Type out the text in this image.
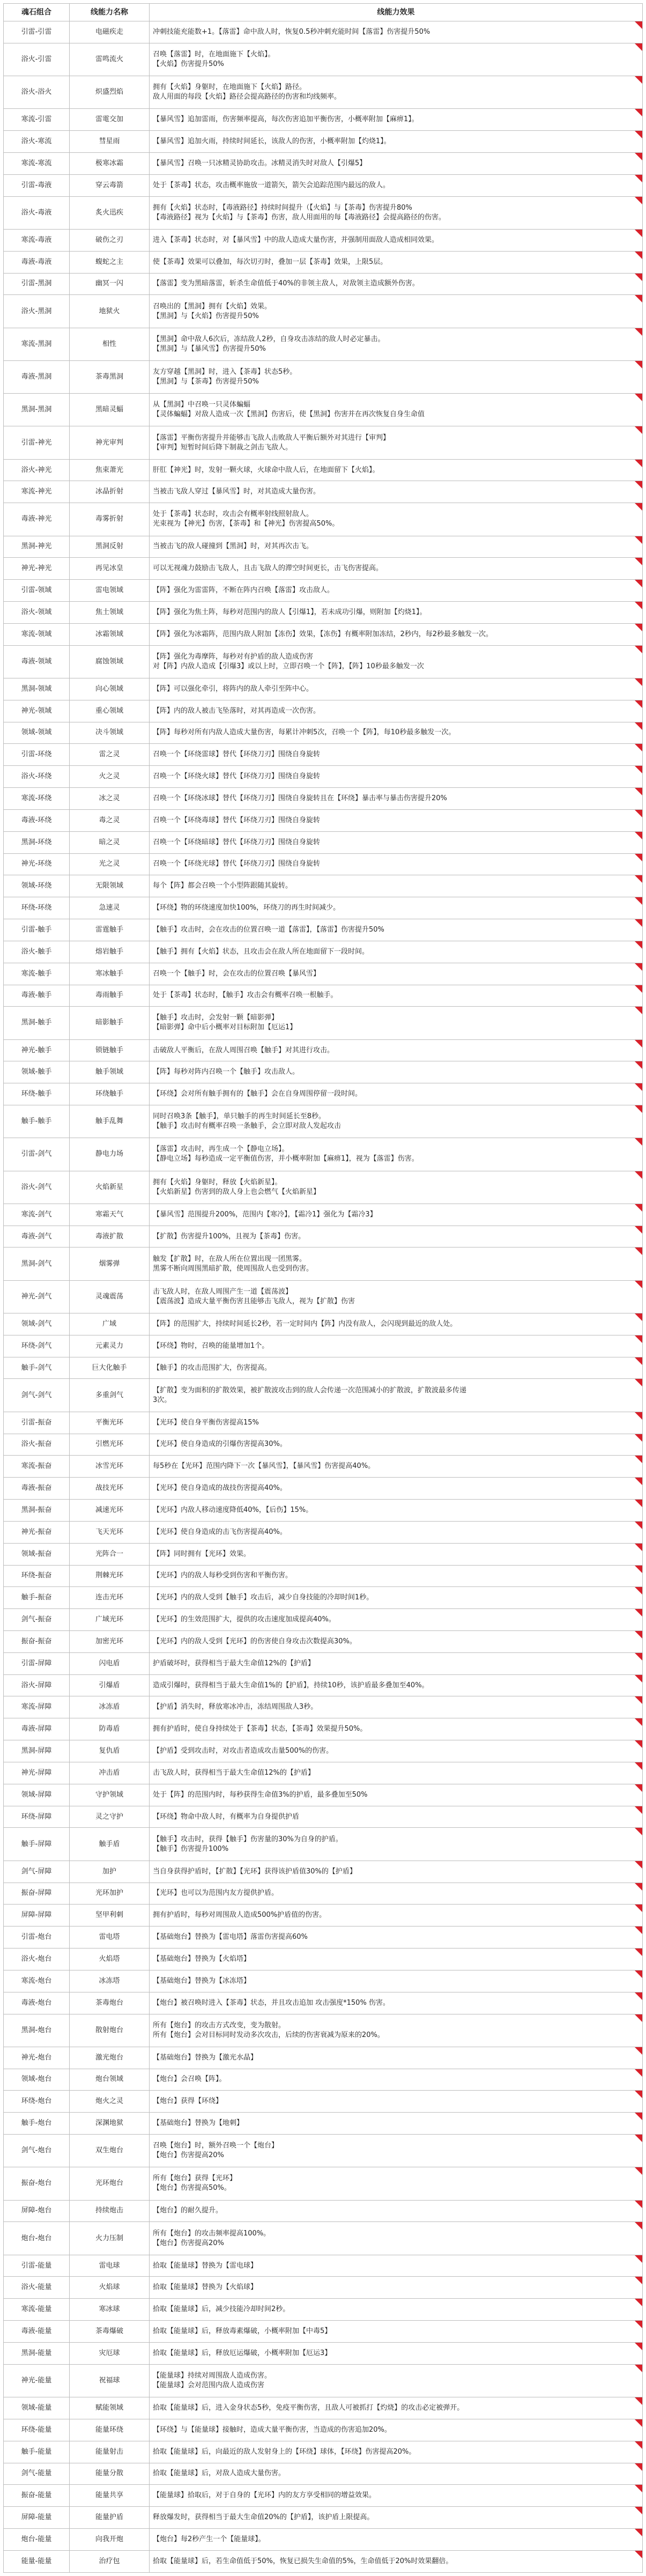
魂石组合	线能力名称	线能力效果
引雷-引雷	电磁疾走	冲刺技能充能数+1。【落雷】命中敌人时，恢复0.5秒冲刺充能时间【落雷】伤害提升50%

浴火-引雷	雷鸣流火	召唤【落雷】时，在地面施下【火焰】。
【火焰】伤害提升50%

浴火-浴火	炽盛烈焰	拥有【火焰】身躯时，在地面施下【火焰】路径。
敌人用面的每段【火焰】路径会提高路径的伤害和均线频率。

寒流-引雷	雷電交加	【暴风雪】追加雷雨，伤害频率提高，每次伤害追加平衡伤害，小概率附加【麻痹1】。

浴火-寒流	彗星雨	【暴风雪】追加火雨，持续时间延长，该敌人的伤害，小概率附加【灼烧1】。

寒流-寒流	极寒冰霜	【暴风雪】召唤一只冰精灵协助攻击。冰精灵消失时对敌人【引爆5】

引雷-毒液	穿云毒箭	处于【茶毒】状态，攻击概率施放一道箭矢，箭矢会追踪范围内最远的敌人。

浴火-毒液	炙火迅疾	拥有【火焰】状态时，【毒液路径】持续时间提升（【火焰】与【茶毒】伤害提升80%
【毒液路径】视为【火焰】与【茶毒】伤害，敌人用面用的每【毒液路径】会提高路径的伤害。

寒流-毒液	破伤之刃	进入【茶毒】状态时，对【暴风雪】中的敌人造成大量伤害，并强制用面敌人造成相同效果。

毒液-毒液	蝮蛇之主	使【茶毒】效果可以叠加，每次切刃时，叠加一层【茶毒】效果，上限5层。

引雷-黑洞	幽冥一闪	【落雷】变为黑暗落雷，斩杀生命值低于40%的非领主敌人，对敌领主造成额外伤害。

浴火-黑洞	地狱火	召唤出的【黑洞】拥有【火焰】效果。
【黑洞】与【火焰】伤害提升50%

寒流-黑洞	相性	【黑洞】命中敌人6次后，冻结敌人2秒，自身攻击冻结的敌人时必定暴击。
【黑洞】与【暴风雪】伤害提升50%

毒液-黑洞	茶毒黑洞	友方穿越【黑洞】时，进入【茶毒】状态5秒。
【黑洞】与【茶毒】伤害提升50%

黑洞-黑洞	黑暗灵蝠	从【黑洞】中召唤一只灵体蝙蝠
【灵体蝙蝠】对敌人造成一次【黑洞】伤害后，使【黑洞】伤害并在再次恢复自身生命值

引雷-神光	神光审判	【落雷】平衡伤害提升并能够击飞敌人击败敌人平衡后额外对其进行【审判】
【审判】短暂时间后降下制裁之剑击飞敌人。

浴火-神光	焦束萧光	肝肛【神光】时，发射一颗火球，火球命中敌人后，在地面留下【火焰】。

寒流-神光	冰晶折射	当被击飞敌人穿过【暴风雪】时，对其造成大量伤害。

毒液-神光	毒雾折射	处于【茶毒】状态时，攻击会有概率射线照射敌人。
光束视为【神光】伤害，【茶毒】和【神光】伤害提高50%。

黑洞-神光	黑洞反射	当被击飞的敌人碰撞到【黑洞】时，对其再次击飞。

神光-神光	再见冰皇	可以无视魂力鼓励击飞敌人，且击飞敌人的滞空时间更长，击飞伤害提高。

引雷-领域	雷电领域	【阵】强化为雷雷阵，不断在阵内召唤【落雷】攻击敌人。

浴火-领域	焦土领域	【阵】强化为焦土阵，每秒对范围内的敌人【引爆1】，若未成功引爆，则附加【灼烧1】。

寒流-领域	冰霜领域	【阵】强化为冰霜阵，范围内敌人附加【冻伤】效果，【冻伤】有概率附加冻结，2秒内，每2秒最多触发一次。

毒液-领域	腐蚀领域	【阵】强化为毒摩阵，每秒对有护盾的敌人造成伤害
对【阵】内敌人造成【引爆3】或以上时，立即召唤一个【阵】，【阵】10秒最多触发一次

黑洞-领域	向心领域	【阵】可以强化牵引，将阵内的敌人牵引至阵中心。

神光-领域	重心领域	【阵】内的敌人被击飞坠落时，对其再造成一次伤害。

领域-领域	决斗领域	【阵】每秒对所有内敌人造成大量伤害，每累计冲刺5次，召唤一个【阵】，每10秒最多触发一次。

引雷-环绕	雷之灵	召唤一个【环绕雷球】替代【环绕刀刃】围绕自身旋转

浴火-环绕	火之灵	召唤一个【环绕火球】替代【环绕刀刃】围绕自身旋转

寒流-环绕	冰之灵	召唤一个【环绕冰球】替代【环绕刀刃】围绕自身旋转且在【环绕】暴击率与暴击伤害提升20%

毒液-环绕	毒之灵	召唤一个【环绕毒球】替代【环绕刀刃】围绕自身旋转

黑洞-环绕	暗之灵	召唤一个【环绕暗球】替代【环绕刀刃】围绕自身旋转

神光-环绕	光之灵	召唤一个【环绕光球】替代【环绕刀刃】围绕自身旋转

领域-环绕	无限领域	每个【阵】都会召唤一个小型阵跟随其旋转。

环绕-环绕	急速灵	【环绕】物的环绕速度加快100%，环绕刀的再生时间减少。

引雷-触手	雷霆触手	【触手】攻击时，会在攻击的位置召唤一道【落雷】，【落雷】伤害提升50%

浴火-触手	熔岩触手	【触手】拥有【火焰】状态，且攻击会在敌人所在地面留下一段时间。

寒流-触手	寒冰触手	召唤一个【触手】时，会在攻击的位置召唤【暴风雪】

毒液-触手	毒雨触手	处于【茶毒】状态时，【触手】攻击会有概率召唤一根触手。

黑洞-触手	暗影触手	【触手】攻击时，会发射一颗【暗影弹】
【暗影弹】命中后小概率对目标附加【厄运1】

神光-触手	锁链触手	击破敌人平衡后，在敌人周围召唤【触手】对其进行攻击。

领域-触手	触手领域	【阵】每秒对阵内召唤一个【触手】攻击敌人。

环绕-触手	环绕触手	【环绕】会对所有触手拥有的【触手】会在自身周围停留一段时间。

触手-触手	触手乱舞	同时召唤3条【触手】，单只触手的再生时间延长至8秒。
【触手】攻击时有概率召唤一条触手，会立即对敌人发起攻击

引雷-剑气	静电力场	【落雷】攻击时，再生成一个【静电立场】。
【静电立场】每秒造成一定平衡值伤害，并小概率附加【麻痹1】，视为【落雷】伤害。

浴火-剑气	火焰新星	拥有【火焰】身躯时，释放【火焰新星】。
【火焰新星】伤害到的敌人身上也会燃气【火焰新星】

寒流-剑气	寒霜天气	【暴风雪】范围提升200%，范围内【寒冷】，【霜冷1】强化为【霜冷3】

毒液-剑气	毒液扩散	【扩散】伤害提升100%，且视为【茶毒】伤害。

黑洞-剑气	烟雾弹	触发【扩散】时，在敌人所在位置出现一团黑雾。
黑雾不断向周围黑暗扩散，使周围敌人也受到伤害。

神光-剑气	灵魂震荡	击飞敌人时，在敌人周围产生一道【震荡波】
【震荡波】造成大量平衡伤害且能够击飞敌人，视为【扩散】伤害

领域-剑气	广域	【阵】的范围扩大，持续时间延长2秒，若一定时间内【阵】内没有敌人，会闪现到最近的敌人处。

环绕-剑气	元素灵力	【环绕】物时，召唤的能量增加1个。

触手-剑气	巨大化触手	【触手】的攻击范围扩大，伤害提高。

剑气-剑气	多重剑气	【扩散】变为面积的扩散效果，被扩散波攻击到的敌人会传递一次范围减小的扩散波，扩散波最多传递
3次。

引雷-振奋	平衡光环	【光环】使自身平衡伤害提高15%

浴火-振奋	引燃光环	【光环】使自身造成的引爆伤害提高30%。

寒流-振奋	冰雪光环	每5秒在【光环】范围内降下一次【暴风雪】，【暴风雪】伤害提高40%。

毒液-振奋	战技光环	【光环】使自身造成的战技伤害提高40%。

黑洞-振奋	减速光环	【光环】内敌人移动速度降低40%，【后伤】15%。

神光-振奋	飞天光环	【光环】使自身造成的击飞伤害提高40%。

领域-振奋	光阵合一	【阵】同时拥有【光环】效果。

环绕-振奋	荆棘光环	【光环】内的敌人每秒受到伤害和平衡伤害。

触手-振奋	连击光环	【光环】内的敌人受到【触手】攻击后，减少自身技能的冷却时间1秒。

剑气-振奋	广域光环	【光环】的生效范围扩大，提供的攻击速度加成提高40%。

振奋-振奋	加密光环	【光环】内的敌人受到【光环】的伤害使自身攻击次数提高30%。

引雷-屏障	闪电盾	护盾破坏时，获得相当于最大生命值12%的【护盾】

浴火-屏障	引爆盾	造成引爆时，获得相当于最大生命值1%的【护盾】，持续10秒，该护盾最多叠加至40%。

寒流-屏障	冰冻盾	【护盾】消失时，释放寒冰冲击，冻结周围敌人3秒。

毒液-屏障	防毒盾	拥有护盾时，使自身持续处于【茶毒】状态，【茶毒】效果提升50%。

黑洞-屏障	复仇盾	【护盾】受到攻击时，对攻击者造成攻击量500%的伤害。

神光-屏障	冲击盾	击飞敌人时，获得相当于最大生命值12%的【护盾】

领域-屏障	守护领域	处于【阵】的范围内时，每秒获得生命值3%的护盾，最多叠加至50%

环绕-屏障	灵之守护	【环绕】物命中敌人时，有概率为自身提供护盾

触手-屏障	触手盾	【触手】攻击时，获得【触手】伤害量的30%为自身的护盾。
【触手】伤害提升100%

剑气-屏障	加护	当自身获得护盾时，【扩散】【光环】获得该护盾值30%的【护盾】

振奋-屏障	光环加护	【光环】也可以为范围内友方提供护盾。

屏障-屏障	坚甲利刺	拥有护盾时，每秒对周围敌人造成500%护盾值的伤害。

引雷-炮台	雷电塔	【基础炮台】替换为【雷电塔】落雷伤害提高60%

浴火-炮台	火焰塔	【基础炮台】替换为【火焰塔】

寒流-炮台	冰冻塔	【基础炮台】替换为【冰冻塔】

毒液-炮台	茶毒炮台	【炮台】被召唤时进入【茶毒】状态，并且攻击追加 攻击强度*150% 伤害。

黑洞-炮台	散射炮台	所有【炮台】的攻击方式改变，变为散射。
所有【炮台】会对目标同时发动多次攻击，后续的伤害衰减为原来的20%。

神光-炮台	激光炮台	【基础炮台】替换为【激光水晶】

领域-炮台	炮台领域	【炮台】会召唤【阵】。

环绕-炮台	炮火之灵	【炮台】获得【环绕】

触手-炮台	深渊地狱	【基础炮台】替换为【地刺】

剑气-炮台	双生炮台	召唤【炮台】时，额外召唤一个【炮台】
【炮台】伤害提高20%

振奋-炮台	光环炮台	所有【炮台】获得【光环】
【炮台】伤害提高50%。

屏障-炮台	持续炮击	【炮台】的耐久提升。

炮台-炮台	火力压制	所有【炮台】的攻击频率提高100%。
【炮台】伤害提高20%

引雷-能量	雷电球	拾取【能量球】替换为【雷电球】

浴火-能量	火焰球	拾取【能量球】替换为【火焰球】

寒流-能量	寒冰球	拾取【能量球】后，减少技能冷却时间2秒。

毒液-能量	茶毒爆破	拾取【能量球】后，释放毒素爆破，小概率附加【中毒5】

黑洞-能量	灾厄球	拾取【能量球】后，释放厄运爆破，小概率附加【厄运3】

神光-能量	祝福球	【能量球】持续对周围敌人造成伤害。
【能量球】会对范围内敌人造成伤害

领域-能量	赋能领域	拾取【能量球】后，进入金身状态5秒，免疫平衡伤害，且敌人可被抓打【灼烧】的攻击必定被弹开。

环绕-能量	能量环绕	【环绕】与【能量球】接触时，造成大量平衡伤害，当造成的伤害追加20%。

触手-能量	能量射击	拾取【能量球】后，向最近的敌人发射身上的【环绕】球体，【环绕】伤害提高20%。

剑气-能量	能量分散	拾取【能量球】后，对敌人造成大量伤害。

振奋-能量	能量共享	【能量球】拾取后，对于自身的【光环】内的友方享受相同的增益效果。

屏障-能量	能量护盾	释放爆发时，获得相当于最大生命值20%的【护盾】，该护盾上限提高。

炮台-能量	向我开炮	【炮台】每2秒产生一个【能量球】。

能量-能量	治疗包	拾取【能量球】后，若生命值低于50%，恢复已损失生命值的5%，生命值低于20%时效果翻倍。
